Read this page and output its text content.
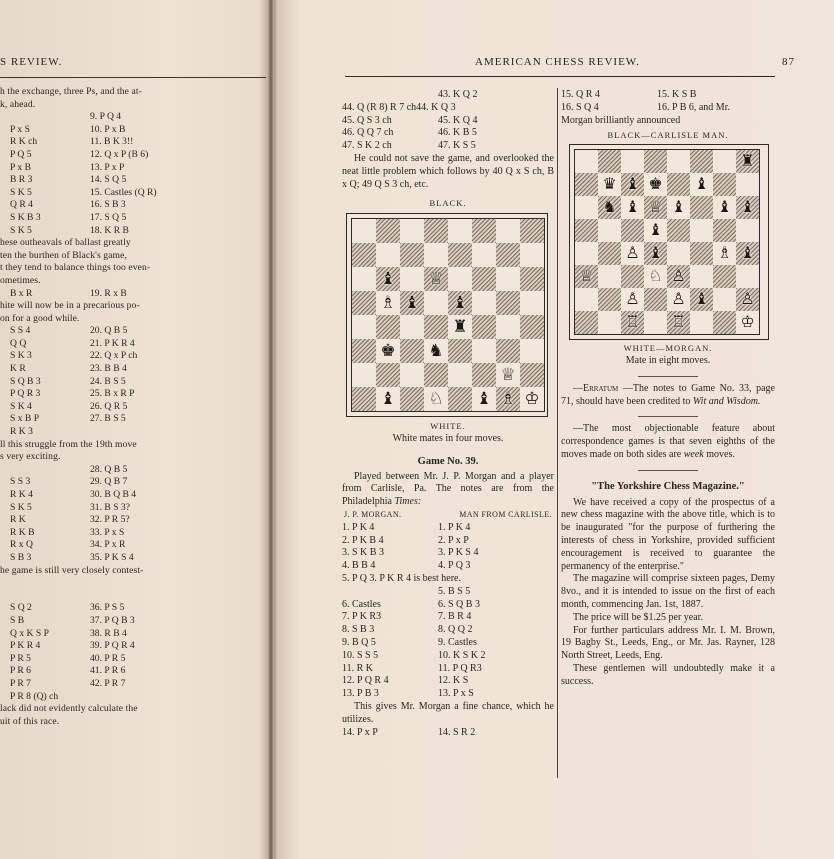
S REVIEW.
h the exchange, three Ps, and the at-
k, ahead.
9. P Q 4
P x S	10. P x B
R K ch	11. B K 3!!
P Q 5	12. Q x P (B 6)
P x B	13. P x P
B R 3	14. S Q 5
S K 5	15. Castles (Q R)
Q R 4	16. S B 3
S K B 3	17. S Q 5
S K 5	18. K R B
hese outheavals of ballast greatly
ten the burthen of Black's game,
t they tend to balance things too even-
ometimes.
B x R	19. R x B
hite will now be in a precarious po-
on for a good while.
S S 4	20. Q B 5
Q Q	21. P K R 4
S K 3	22. Q x P ch
K R	23. B B 4
S Q B 3	24. B S 5
P Q R 3	25. B x R P
S K 4	26. Q R 5
S x B P	27. B S 5
R K 3
ll this struggle from the 19th move
s very exciting.
28. Q B 5
S S 3	29. Q B 7
R K 4	30. B Q B 4
S K 5	31. B S 3?
R K	32. P R 5?
R K B	33. P x S
R x Q	34. P x R
S B 3	35. P K S 4
he game is still very closely contest-
S Q 2	36. P S 5
S B	37. P Q B 3
Q x K S P	38. R B 4
P K R 4	39. P Q R 4
P R 5	40. P R 5
P R 6	41. P R 6
P R 7	42. P R 7
P R 8 (Q) ch
lack did not evidently calculate the
uit of this race.
AMERICAN CHESS REVIEW.	87
43. K Q 2
44. Q (R 8) R 7 ch 44. K Q 3
45. Q S 3 ch	45. K Q 4
46. Q Q 7 ch	46. K B 5
47. S K 2 ch	47. K S 5

He could not save the game, and overlooked the neat little problem which follows by 40 Q x S ch, B x Q; 49 Q S 3 ch, etc.

BLACK.
♝ ♕
♗ ♝ ♝
♜
♚ ♞
♕
♝ ♘ ♝ ♗ ♔
WHITE.
White mates in four moves.
Game No. 39.

Played between Mr. J. P. Morgan and a player from Carlisle, Pa. The notes are from the Philadelphia Times:

J. P. MORGAN.	MAN FROM CARLISLE.
1. P K 4	1. P K 4
2. P K B 4	2. P x P
3. S K B 3	3. P K S 4
4. B B 4	4. P Q 3
5. P Q 3. P K R 4 is best here.
5. B S 5
6. Castles	6. S Q B 3
7. P K R3	7. B R 4
8. S B 3	8. Q Q 2
9. B Q 5	9. Castles
10. S S 5	10. K S K 2
11. R K	11. P Q R3
12. P Q R 4	12. K S
13. P B 3	13. P x S

This gives Mr. Morgan a fine chance, which he utilizes.

14. P x P	14. S R 2
15. Q R 4	15. K S B
16. S Q 4	16. P B 6, and Mr.
Morgan brilliantly announced
BLACK—CARLISLE MAN.
♜
♛ ♝ ♚ ♝
♞ ♝ ♕ ♝ ♝ ♝
♝
♙ ♝	♗ ♝
♕	♘ ♙
♙ ♙ ♝ ♙
♖ ♖	♔
WHITE—MORGAN.
Mate in eight moves.

—Erratum —The notes to Game No. 33, page 71, should have been credited to Wit and Wisdom.

—The most objectionable feature about correspondence games is that seven eighths of the moves made on both sides are week moves.

"The Yorkshire Chess Magazine."

We have received a copy of the prospectus of a new chess magazine with the above title, which is to be inaugurated "for the purpose of furthering the interests of chess in Yorkshire, provided sufficient encouragement is received to guarantee the permanency of the enterprise."

The magazine will comprise sixteen pages, Demy 8vo., and it is intended to issue on the first of each month, commencing Jan. 1st, 1887.

The price will be $1.25 per year.

For further particulars address Mr. I. M. Brown, 19 Bagby St., Leeds, Eng., or Mr. Jas. Rayner, 128 North Street, Leeds, Eng.

These gentlemen will undoubtedly make it a success.
